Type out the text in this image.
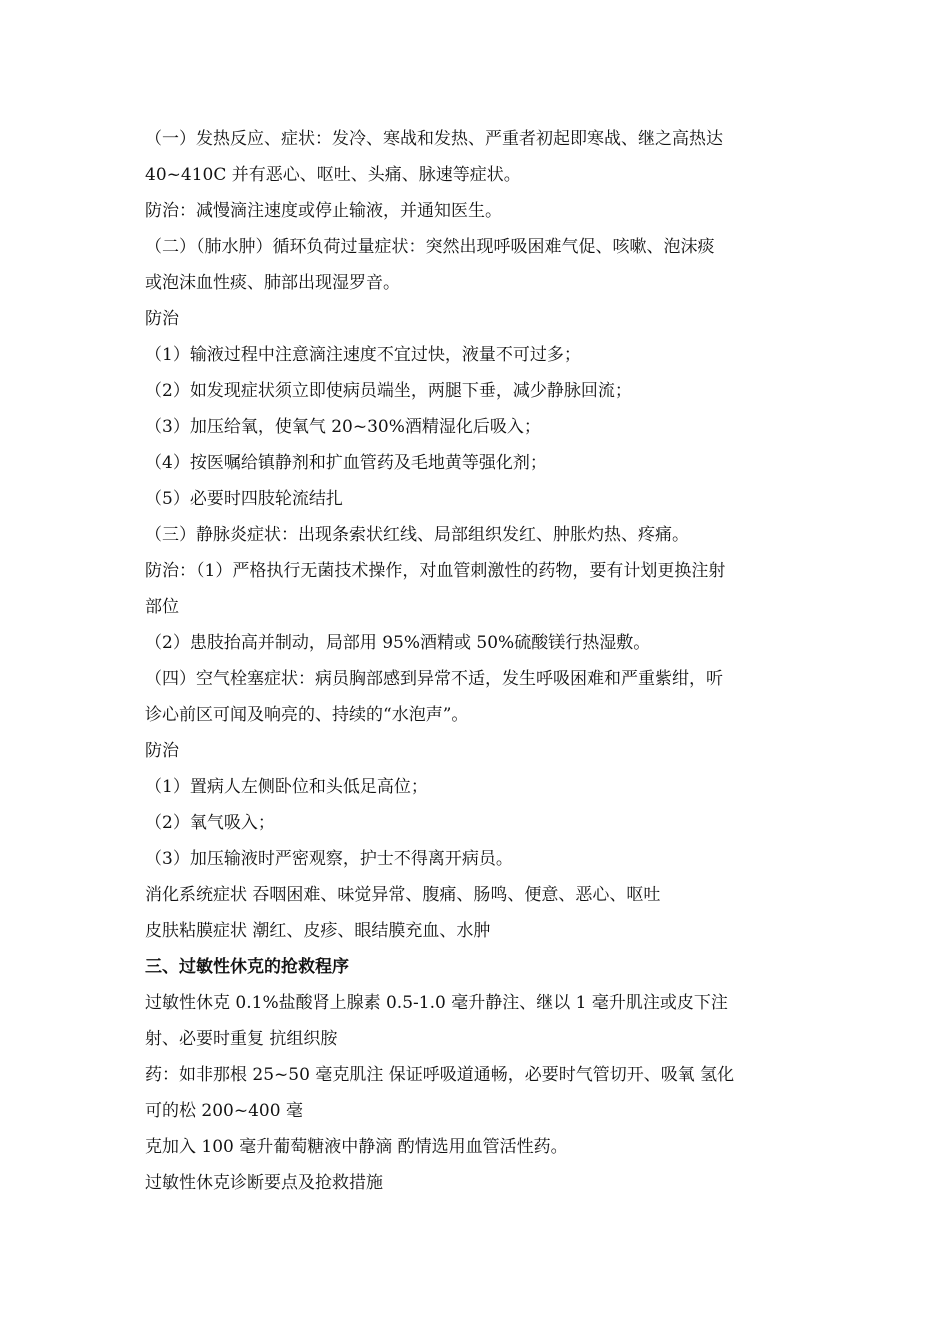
（一）发热反应、症状：发冷、寒战和发热、严重者初起即寒战、继之高热达
40~410C 并有恶心、呕吐、头痛、脉速等症状。
防治：减慢滴注速度或停止输液，并通知医生。
（二）（肺水肿）循环负荷过量症状：突然出现呼吸困难气促、咳嗽、泡沫痰
或泡沫血性痰、肺部出现湿罗音。
防治
（1）输液过程中注意滴注速度不宜过快，液量不可过多；
（2）如发现症状须立即使病员端坐，两腿下垂，减少静脉回流；
（3）加压给氧，使氧气 20~30%酒精湿化后吸入；
（4）按医嘱给镇静剂和扩血管药及毛地黄等强化剂；
（5）必要时四肢轮流结扎
（三）静脉炎症状：出现条索状红线、局部组织发红、肿胀灼热、疼痛。
防治：（1）严格执行无菌技术操作，对血管刺激性的药物，要有计划更换注射
部位
（2）患肢抬高并制动，局部用 95%酒精或 50%硫酸镁行热湿敷。
（四）空气栓塞症状：病员胸部感到异常不适，发生呼吸困难和严重紫绀，听
诊心前区可闻及响亮的、持续的“水泡声”。
防治
（1）置病人左侧卧位和头低足高位；
（2）氧气吸入；
（3）加压输液时严密观察，护士不得离开病员。
消化系统症状 吞咽困难、味觉异常、腹痛、肠鸣、便意、恶心、呕吐
皮肤粘膜症状 潮红、皮疹、眼结膜充血、水肿
三、过敏性休克的抢救程序
过敏性休克 0.1%盐酸肾上腺素 0.5-1.0 毫升静注、继以 1 毫升肌注或皮下注
射、必要时重复 抗组织胺
药：如非那根 25~50 毫克肌注 保证呼吸道通畅，必要时气管切开、吸氧 氢化
可的松 200~400 毫
克加入 100 毫升葡萄糖液中静滴 酌情选用血管活性药。
过敏性休克诊断要点及抢救措施
